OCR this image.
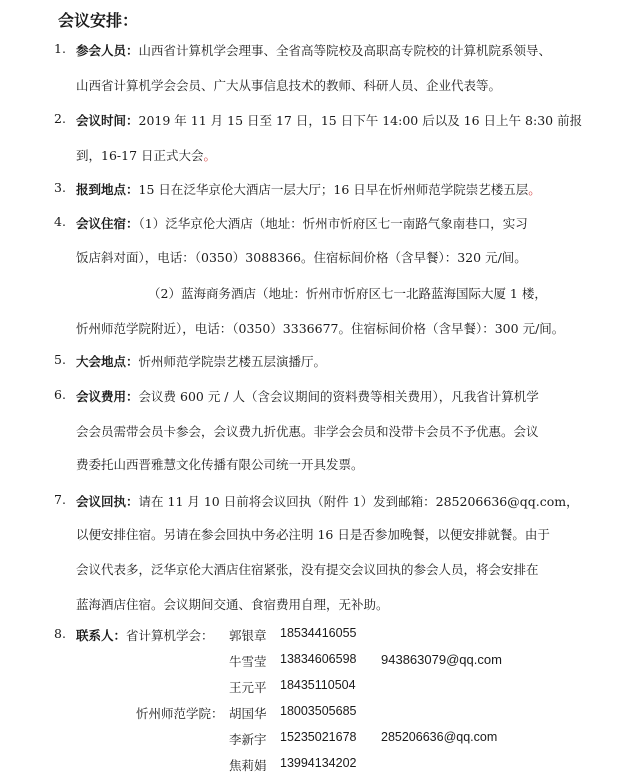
会议安排：
1. 参会人员：山西省计算机学会理事、全省高等院校及高职高专院校的计算机院系领导、
山西省计算机学会会员、广大从事信息技术的教师、科研人员、企业代表等。
2. 会议时间：2019 年 11 月 15 日至 17 日，15 日下午 14:00 后以及 16 日上午 8:30 前报
到，16-17 日正式大会。
3. 报到地点：15 日在泛华京伦大酒店一层大厅；16 日早在忻州师范学院崇艺楼五层。
4. 会议住宿：（1）泛华京伦大酒店（地址：忻州市忻府区七一南路气象南巷口，实习
饭店斜对面），电话：（0350）3088366。住宿标间价格（含早餐）：320 元/间。
（2）蓝海商务酒店（地址：忻州市忻府区七一北路蓝海国际大厦 1 楼，
忻州师范学院附近），电话：（0350）3336677。住宿标间价格（含早餐）：300 元/间。
5. 大会地点：忻州师范学院崇艺楼五层演播厅。
6. 会议费用：会议费 600 元 / 人（含会议期间的资料费等相关费用），凡我省计算机学
会会员需带会员卡参会，会议费九折优惠。非学会会员和没带卡会员不予优惠。会议
费委托山西晋雅慧文化传播有限公司统一开具发票。
7. 会议回执：请在 11 月 10 日前将会议回执（附件 1）发到邮箱：285206636@qq.com，
以便安排住宿。另请在参会回执中务必注明 16 日是否参加晚餐，以便安排就餐。由于
会议代表多，泛华京伦大酒店住宿紧张，没有提交会议回执的参会人员，将会安排在
蓝海酒店住宿。会议期间交通、食宿费用自理，无补助。
8. 联系人：省计算机学会： 郭银章 18534416055
牛雪莹 13834606598 943863079@qq.com
王元平 18435110504
忻州师范学院： 胡国华 18003505685
李新宇 15235021678 285206636@qq.com
焦莉娟 13994134202
